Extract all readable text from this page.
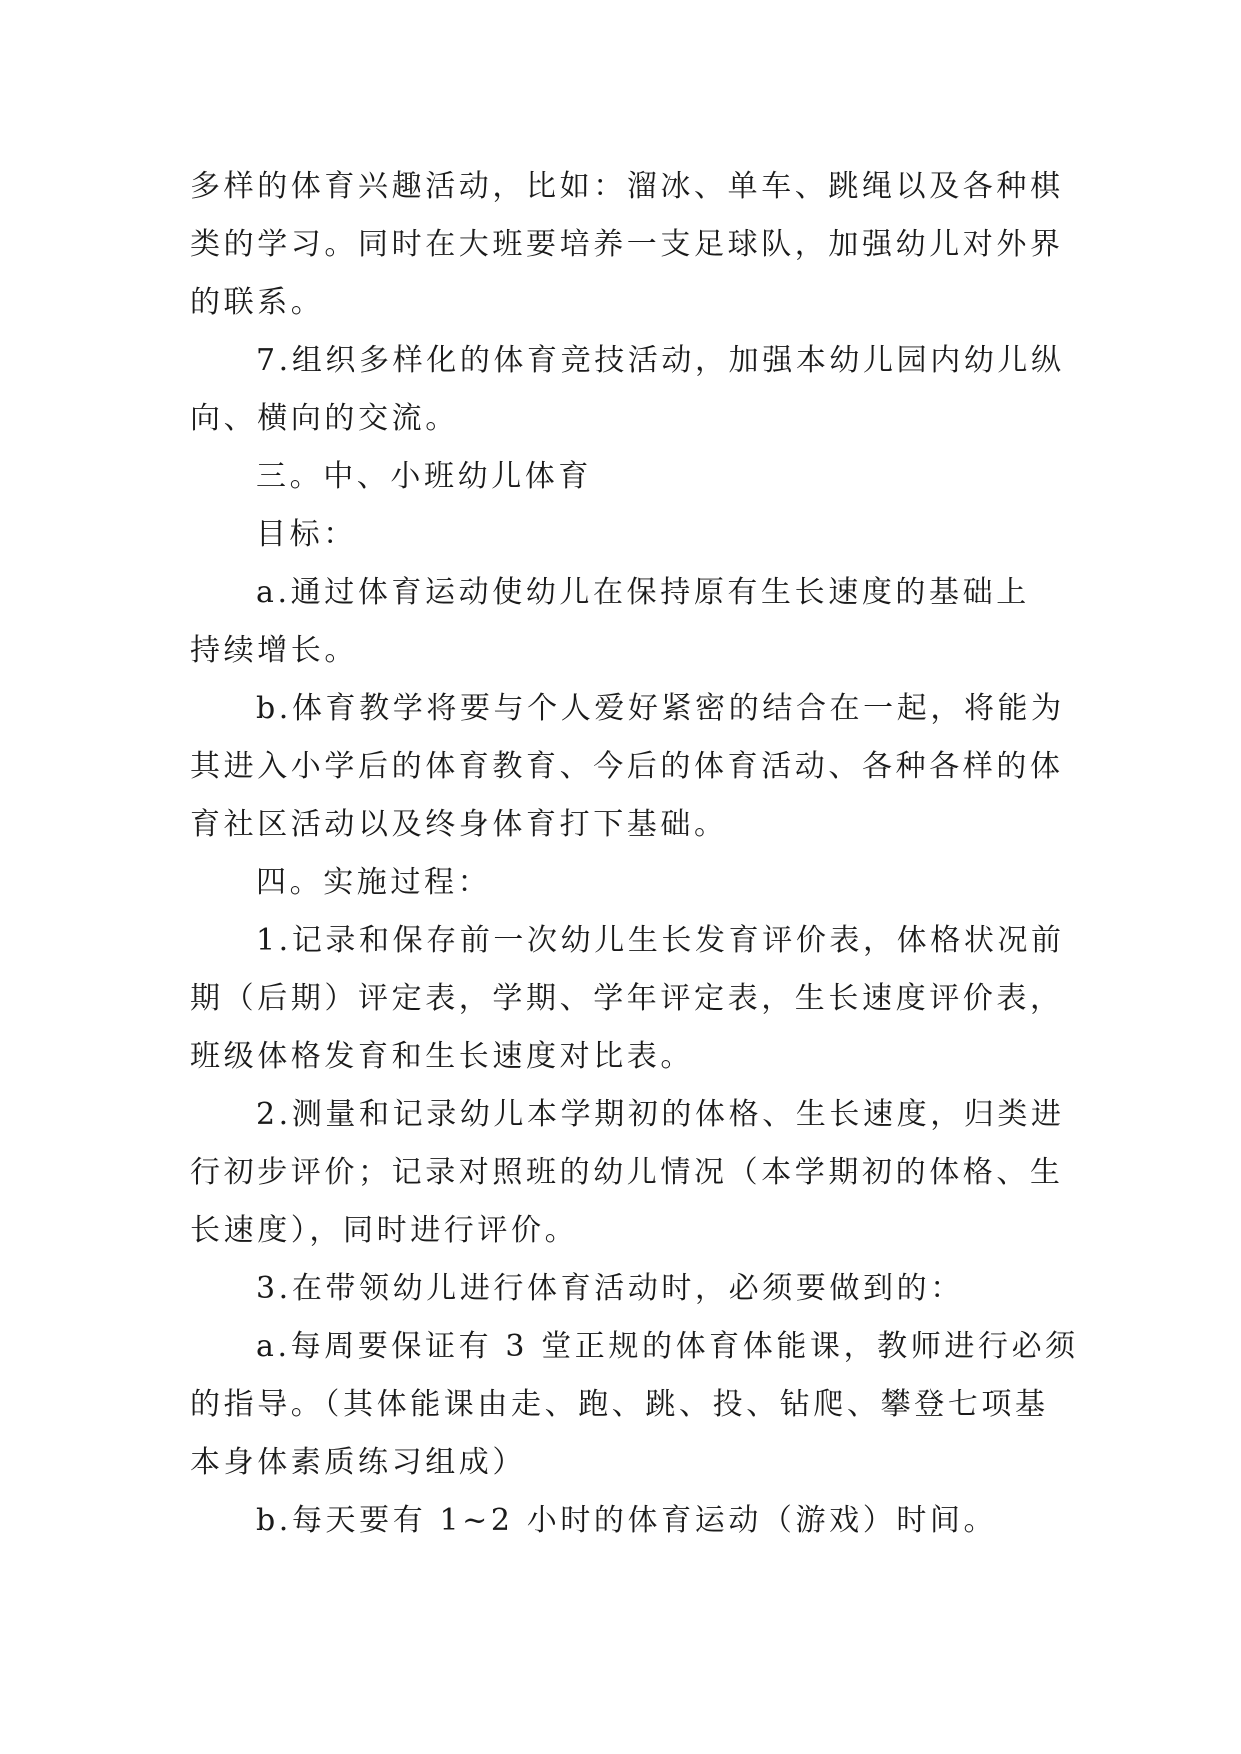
多样的体育兴趣活动，比如：溜冰、单车、跳绳以及各种棋
类的学习。同时在大班要培养一支足球队，加强幼儿对外界
的联系。
7.组织多样化的体育竞技活动，加强本幼儿园内幼儿纵
向、横向的交流。
三。中、小班幼儿体育
目标：
a.通过体育运动使幼儿在保持原有生长速度的基础上
持续增长。
b.体育教学将要与个人爱好紧密的结合在一起，将能为
其进入小学后的体育教育、今后的体育活动、各种各样的体
育社区活动以及终身体育打下基础。
四。实施过程：
1.记录和保存前一次幼儿生长发育评价表，体格状况前
期（后期）评定表，学期、学年评定表，生长速度评价表，
班级体格发育和生长速度对比表。
2.测量和记录幼儿本学期初的体格、生长速度，归类进
行初步评价；记录对照班的幼儿情况（本学期初的体格、生
长速度），同时进行评价。
3.在带领幼儿进行体育活动时，必须要做到的：
a.每周要保证有 3 堂正规的体育体能课，教师进行必须
的指导。（其体能课由走、跑、跳、投、钻爬、攀登七项基
本身体素质练习组成）
b.每天要有 1~2 小时的体育运动（游戏）时间。
